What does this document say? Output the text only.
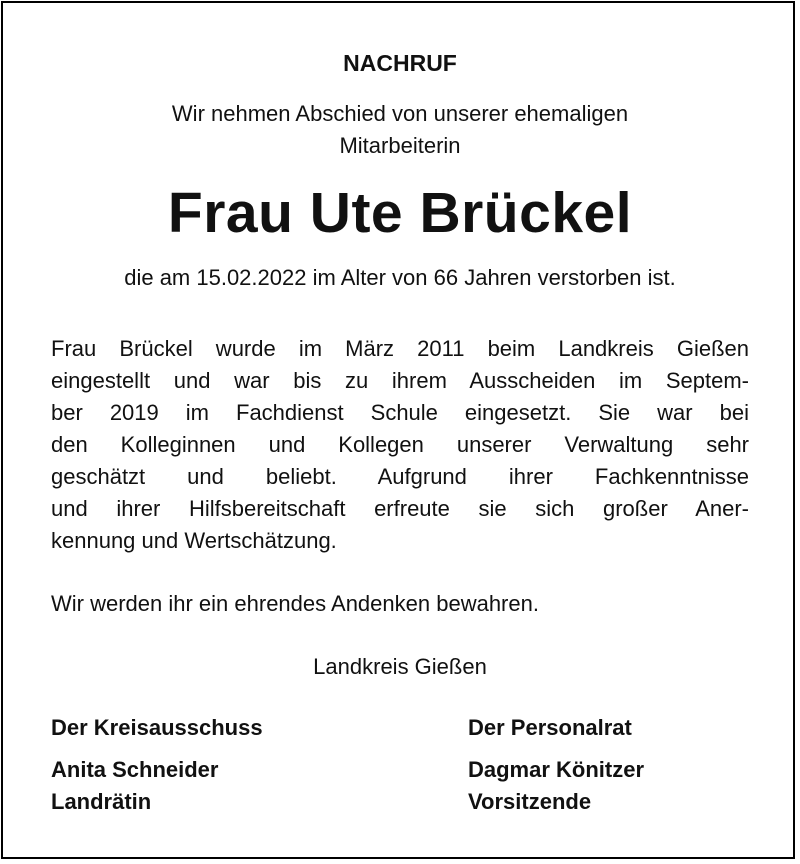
NACHRUF
Wir nehmen Abschied von unserer ehemaligen
Mitarbeiterin
Frau Ute Brückel
die am 15.02.2022 im Alter von 66 Jahren verstorben ist.
Frau Brückel wurde im März 2011 beim Landkreis Gießen
eingestellt und war bis zu ihrem Ausscheiden im Septem-
ber 2019 im Fachdienst Schule eingesetzt. Sie war bei
den Kolleginnen und Kollegen unserer Verwaltung sehr
geschätzt und beliebt. Aufgrund ihrer Fachkenntnisse
und ihrer Hilfsbereitschaft erfreute sie sich großer Aner-
kennung und Wertschätzung.
Wir werden ihr ein ehrendes Andenken bewahren.
Landkreis Gießen
Der Kreisausschuss
Anita Schneider
Landrätin
Der Personalrat
Dagmar Könitzer
Vorsitzende
